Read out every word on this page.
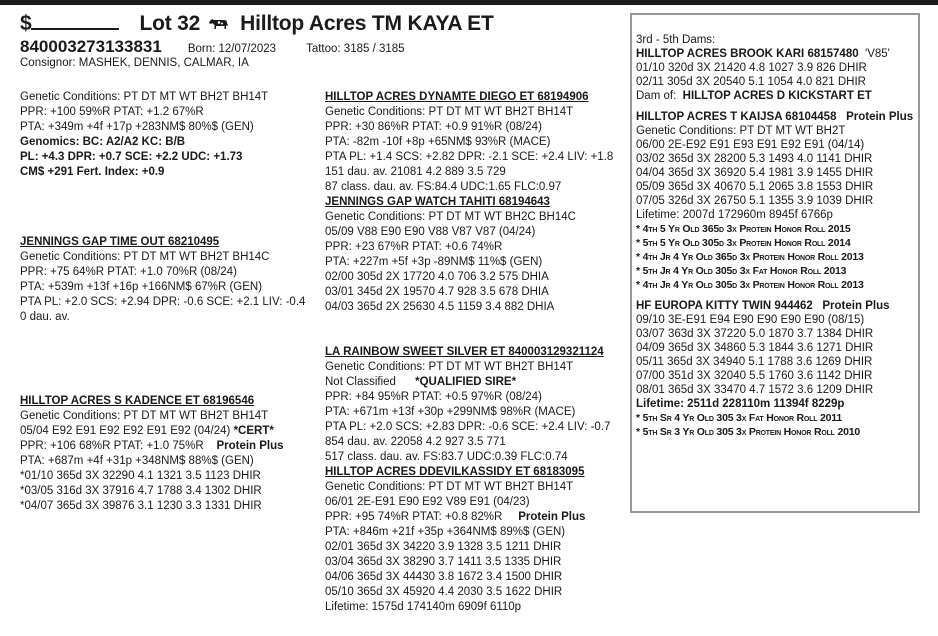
$	Lot 32 Hilltop Acres TM KAYA ET
840003273133831 Born: 12/07/2023	Tattoo: 3185 / 3185
Consignor: MASHEK, DENNIS, CALMAR, IA
Genetic Conditions: PT DT MT WT BH2T BH14T
PPR: +100 59%R PTAT: +1.2 67%R
PTA: +349m +4f +17p +283NM$ 80%$ (GEN)
Genomics: BC: A2/A2 KC: B/B
PL: +4.3 DPR: +0.7 SCE: +2.2 UDC: +1.73
CM$ +291 Fert. Index: +0.9
JENNINGS GAP TIME OUT 68210495
Genetic Conditions: PT DT MT WT BH2T BH14C
PPR: +75 64%R PTAT: +1.0 70%R (08/24)
PTA: +539m +13f +16p +166NM$ 67%R (GEN)
PTA PL: +2.0 SCS: +2.94 DPR: -0.6 SCE: +2.1 LIV: -0.4
0 dau. av.
HILLTOP ACRES S KADENCE ET 68196546
Genetic Conditions: PT DT MT WT BH2T BH14T
05/04 E92 E91 E92 E92 E91 E92 (04/24) *CERT*
PPR: +106 68%R PTAT: +1.0 75%R Protein Plus
PTA: +687m +4f +31p +348NM$ 88%$ (GEN)
*01/10 365d 3X 32290 4.1 1321 3.5 1123 DHIR
*03/05 316d 3X 37916 4.7 1788 3.4 1302 DHIR
*04/07 365d 3X 39876 3.1 1230 3.3 1331 DHIR
HILLTOP ACRES DYNAMTE DIEGO ET 68194906
Genetic Conditions: PT DT MT WT BH2T BH14T
PPR: +30 86%R PTAT: +0.9 91%R (08/24)
PTA: -82m -10f +8p +65NM$ 93%R (MACE)
PTA PL: +1.4 SCS: +2.82 DPR: -2.1 SCE: +2.4 LIV: +1.8
151 dau. av. 21081 4.2 889 3.5 729
87 class. dau. av. FS:84.4 UDC:1.65 FLC:0.97
JENNINGS GAP WATCH TAHITI 68194643
Genetic Conditions: PT DT MT WT BH2C BH14C
05/09 V88 E90 E90 V88 V87 V87 (04/24)
PPR: +23 67%R PTAT: +0.6 74%R
PTA: +227m +5f +3p -89NM$ 11%$ (GEN)
02/00 305d 2X 17720 4.0 706 3.2 575 DHIA
03/01 345d 2X 19570 4.7 928 3.5 678 DHIA
04/03 365d 2X 25630 4.5 1159 3.4 882 DHIA
LA RAINBOW SWEET SILVER ET 840003129321124
Genetic Conditions: PT DT MT WT BH2T BH14T
Not Classified *QUALIFIED SIRE*
PPR: +84 95%R PTAT: +0.5 97%R (08/24)
PTA: +671m +13f +30p +299NM$ 98%R (MACE)
PTA PL: +2.0 SCS: +2.83 DPR: -0.6 SCE: +2.4 LIV: -0.7
854 dau. av. 22058 4.2 927 3.5 771
517 class. dau. av. FS:83.7 UDC:0.39 FLC:0.74
HILLTOP ACRES DDEVILKASSIDY ET 68183095
Genetic Conditions: PT DT MT WT BH2T BH14T
06/01 2E-E91 E90 E92 V89 E91 (04/23)
PPR: +95 74%R PTAT: +0.8 82%R Protein Plus
PTA: +846m +21f +35p +364NM$ 89%$ (GEN)
02/01 365d 3X 34220 3.9 1328 3.5 1211 DHIR
03/04 365d 3X 38290 3.7 1411 3.5 1335 DHIR
04/06 365d 3X 44430 3.8 1672 3.4 1500 DHIR
05/10 365d 3X 45920 4.4 2030 3.5 1622 DHIR
Lifetime: 1575d 174140m 6909f 6110p
3rd - 5th Dams:
HILLTOP ACRES BROOK KARI 68157480 'V85'
01/10 320d 3X 21420 4.8 1027 3.9 826 DHIR
02/11 305d 3X 20540 5.1 1054 4.0 821 DHIR
Dam of: HILLTOP ACRES D KICKSTART ET
HILLTOP ACRES T KAIJSA 68104458 Protein Plus
Genetic Conditions: PT DT MT WT BH2T
06/00 2E-E92 E91 E93 E91 E92 E91 (04/14)
03/02 365d 3X 28200 5.3 1493 4.0 1141 DHIR
04/04 365d 3X 36920 5.4 1981 3.9 1455 DHIR
05/09 365d 3X 40670 5.1 2065 3.8 1553 DHIR
07/05 326d 3X 26750 5.1 1355 3.9 1039 DHIR
Lifetime: 2007d 172960m 8945f 6766p
* 4th 5 Yr Old 365d 3x Protein Honor Roll 2015
* 5th 5 Yr Old 305d 3x Protein Honor Roll 2014
* 4th Jr 4 Yr Old 365d 3x Protein Honor Roll 2013
* 5th Jr 4 Yr Old 305d 3x Fat Honor Roll 2013
* 4th Jr 4 Yr Old 305d 3x Protein Honor Roll 2013
HF EUROPA KITTY TWIN 944462 Protein Plus
09/10 3E-E91 E94 E90 E90 E90 E90 (08/15)
03/07 363d 3X 37220 5.0 1870 3.7 1384 DHIR
04/09 365d 3X 34860 5.3 1844 3.6 1271 DHIR
05/11 365d 3X 34940 5.1 1788 3.6 1269 DHIR
07/00 351d 3X 32040 5.5 1760 3.6 1142 DHIR
08/01 365d 3X 33470 4.7 1572 3.6 1209 DHIR
Lifetime: 2511d 228110m 11394f 8229p
* 5th Sr 4 Yr Old 305 3x Fat Honor Roll 2011
* 5th Sr 3 Yr Old 305 3x Protein Honor Roll 2010
